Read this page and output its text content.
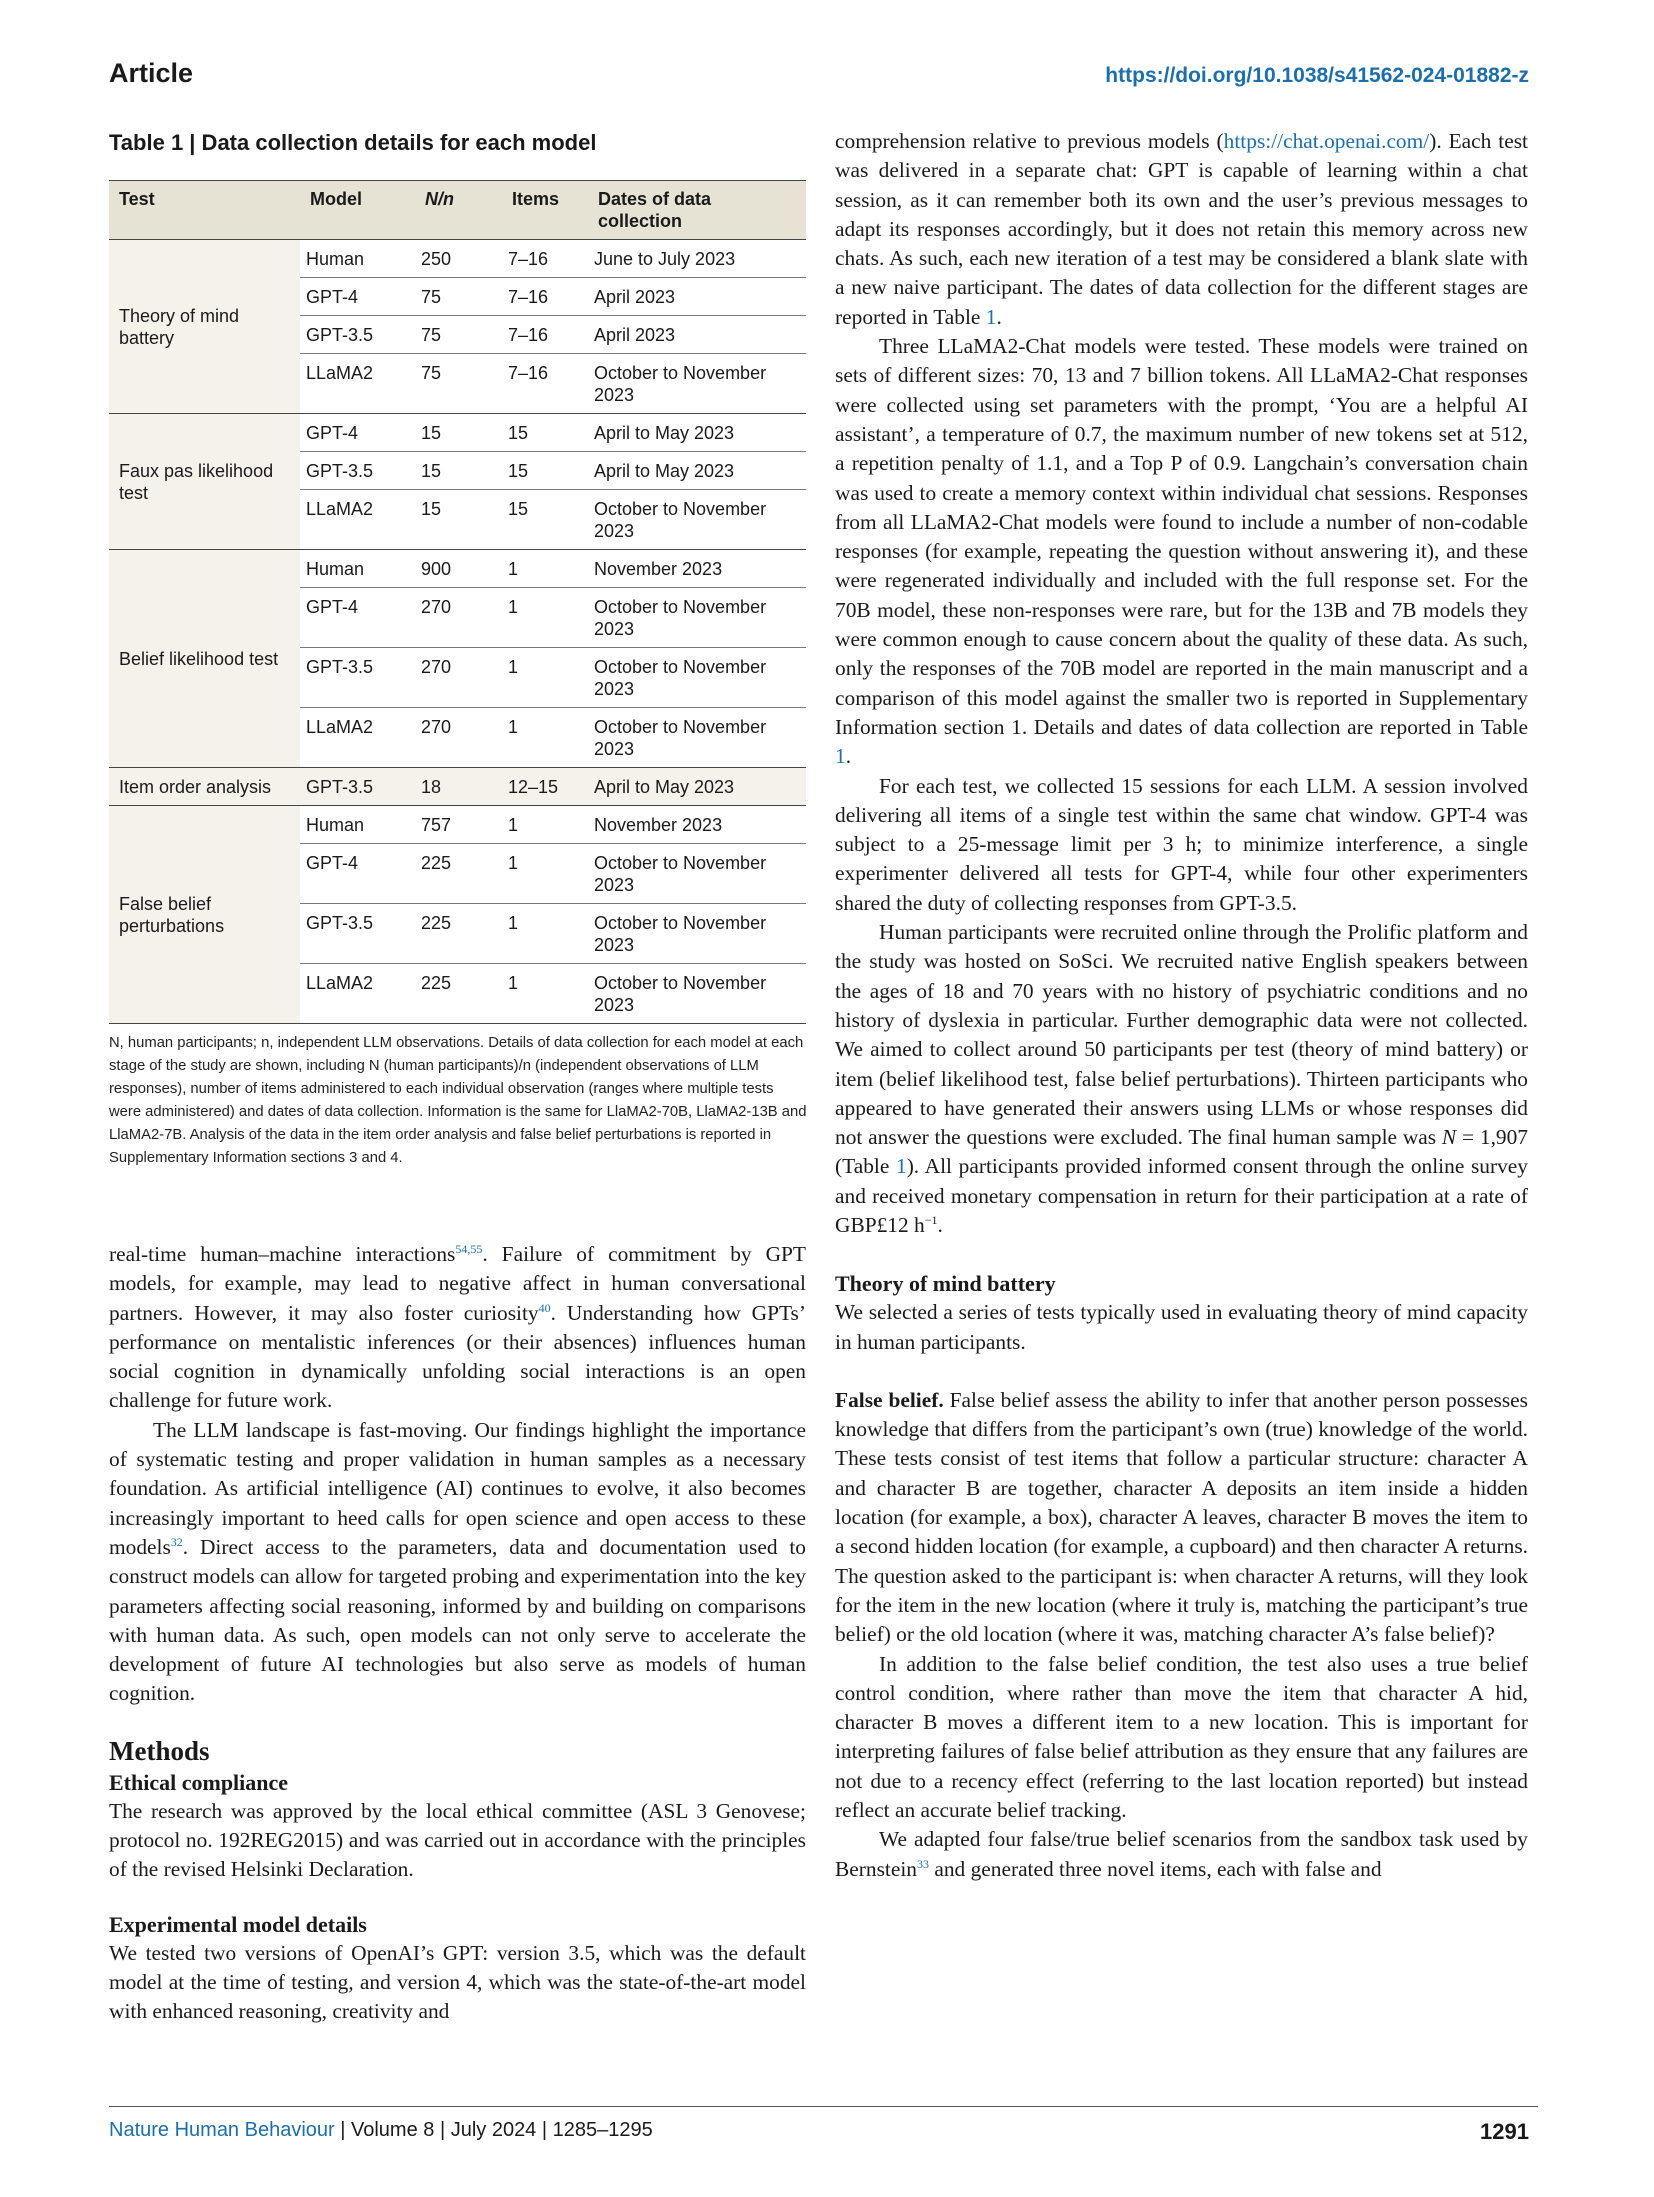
Article	https://doi.org/10.1038/s41562-024-01882-z
Table 1 | Data collection details for each model
Test	Model	N/n	Items	Dates of data collection
Theory of mind battery	Human	250	7–16	June to July 2023
	GPT-4	75	7–16	April 2023
	GPT-3.5	75	7–16	April 2023
	LLaMA2	75	7–16	October to November 2023
Faux pas likelihood test	GPT-4	15	15	April to May 2023
	GPT-3.5	15	15	April to May 2023
	LLaMA2	15	15	October to November 2023
Belief likelihood test	Human	900	1	November 2023
	GPT-4	270	1	October to November 2023
	GPT-3.5	270	1	October to November 2023
	LLaMA2	270	1	October to November 2023
Item order analysis	GPT-3.5	18	12–15	April to May 2023
False belief perturbations	Human	757	1	November 2023
	GPT-4	225	1	October to November 2023
	GPT-3.5	225	1	October to November 2023
	LLaMA2	225	1	October to November 2023
N, human participants; n, independent LLM observations. Details of data collection for each model at each stage of the study are shown, including N (human participants)/n (independent observations of LLM responses), number of items administered to each individual observation (ranges where multiple tests were administered) and dates of data collection. Information is the same for LlaMA2-70B, LlaMA2-13B and LlaMA2-7B. Analysis of the data in the item order analysis and false belief perturbations is reported in Supplementary Information sections 3 and 4.

real-time human–machine interactions$^{54,55}$. Failure of commitment by GPT models, for example, may lead to negative affect in human conversational partners. However, it may also foster curiosity$^{40}$. Understanding how GPTs’ performance on mentalistic inferences (or their absences) influences human social cognition in dynamically unfolding social interactions is an open challenge for future work.

The LLM landscape is fast-moving. Our findings highlight the importance of systematic testing and proper validation in human samples as a necessary foundation. As artificial intelligence (AI) continues to evolve, it also becomes increasingly important to heed calls for open science and open access to these models$^{32}$. Direct access to the parameters, data and documentation used to construct models can allow for targeted probing and experimentation into the key parameters affecting social reasoning, informed by and building on comparisons with human data. As such, open models can not only serve to accelerate the development of future AI technologies but also serve as models of human cognition.

Methods
Ethical compliance

The research was approved by the local ethical committee (ASL 3 Genovese; protocol no. 192REG2015) and was carried out in accordance with the principles of the revised Helsinki Declaration.

Experimental model details

We tested two versions of OpenAI’s GPT: version 3.5, which was the default model at the time of testing, and version 4, which was the state-of-the-art model with enhanced reasoning, creativity and

comprehension relative to previous models (https://chat.openai.com/). Each test was delivered in a separate chat: GPT is capable of learning within a chat session, as it can remember both its own and the user’s previous messages to adapt its responses accordingly, but it does not retain this memory across new chats. As such, each new iteration of a test may be considered a blank slate with a new naive participant. The dates of data collection for the different stages are reported in Table 1.

Three LLaMA2-Chat models were tested. These models were trained on sets of different sizes: 70, 13 and 7 billion tokens. All LLaMA2-Chat responses were collected using set parameters with the prompt, ‘You are a helpful AI assistant’, a temperature of 0.7, the maximum number of new tokens set at 512, a repetition penalty of 1.1, and a Top P of 0.9. Langchain’s conversation chain was used to create a memory context within individual chat sessions. Responses from all LLaMA2-Chat models were found to include a number of non-codable responses (for example, repeating the question without answering it), and these were regenerated individually and included with the full response set. For the 70B model, these non-responses were rare, but for the 13B and 7B models they were common enough to cause concern about the quality of these data. As such, only the responses of the 70B model are reported in the main manuscript and a comparison of this model against the smaller two is reported in Supplementary Information section 1. Details and dates of data collection are reported in Table 1.

For each test, we collected 15 sessions for each LLM. A session involved delivering all items of a single test within the same chat window. GPT-4 was subject to a 25-message limit per 3 h; to minimize interference, a single experimenter delivered all tests for GPT-4, while four other experimenters shared the duty of collecting responses from GPT-3.5.

Human participants were recruited online through the Prolific platform and the study was hosted on SoSci. We recruited native English speakers between the ages of 18 and 70 years with no history of psychiatric conditions and no history of dyslexia in particular. Further demographic data were not collected. We aimed to collect around 50 participants per test (theory of mind battery) or item (belief likelihood test, false belief perturbations). Thirteen participants who appeared to have generated their answers using LLMs or whose responses did not answer the questions were excluded. The final human sample was N = 1,907 (Table 1). All participants provided informed consent through the online survey and received monetary compensation in return for their participation at a rate of GBP£12 $h^{-1}$.

Theory of mind battery

We selected a series of tests typically used in evaluating theory of mind capacity in human participants.

False belief. False belief assess the ability to infer that another person possesses knowledge that differs from the participant’s own (true) knowledge of the world. These tests consist of test items that follow a particular structure: character A and character B are together, character A deposits an item inside a hidden location (for example, a box), character A leaves, character B moves the item to a second hidden location (for example, a cupboard) and then character A returns. The question asked to the participant is: when character A returns, will they look for the item in the new location (where it truly is, matching the participant’s true belief) or the old location (where it was, matching character A’s false belief)?

In addition to the false belief condition, the test also uses a true belief control condition, where rather than move the item that character A hid, character B moves a different item to a new location. This is important for interpreting failures of false belief attribution as they ensure that any failures are not due to a recency effect (referring to the last location reported) but instead reflect an accurate belief tracking.

We adapted four false/true belief scenarios from the sandbox task used by Bernstein$^{33}$ and generated three novel items, each with false and

Nature Human Behaviour | Volume 8 | July 2024 | 1285–1295	1291
